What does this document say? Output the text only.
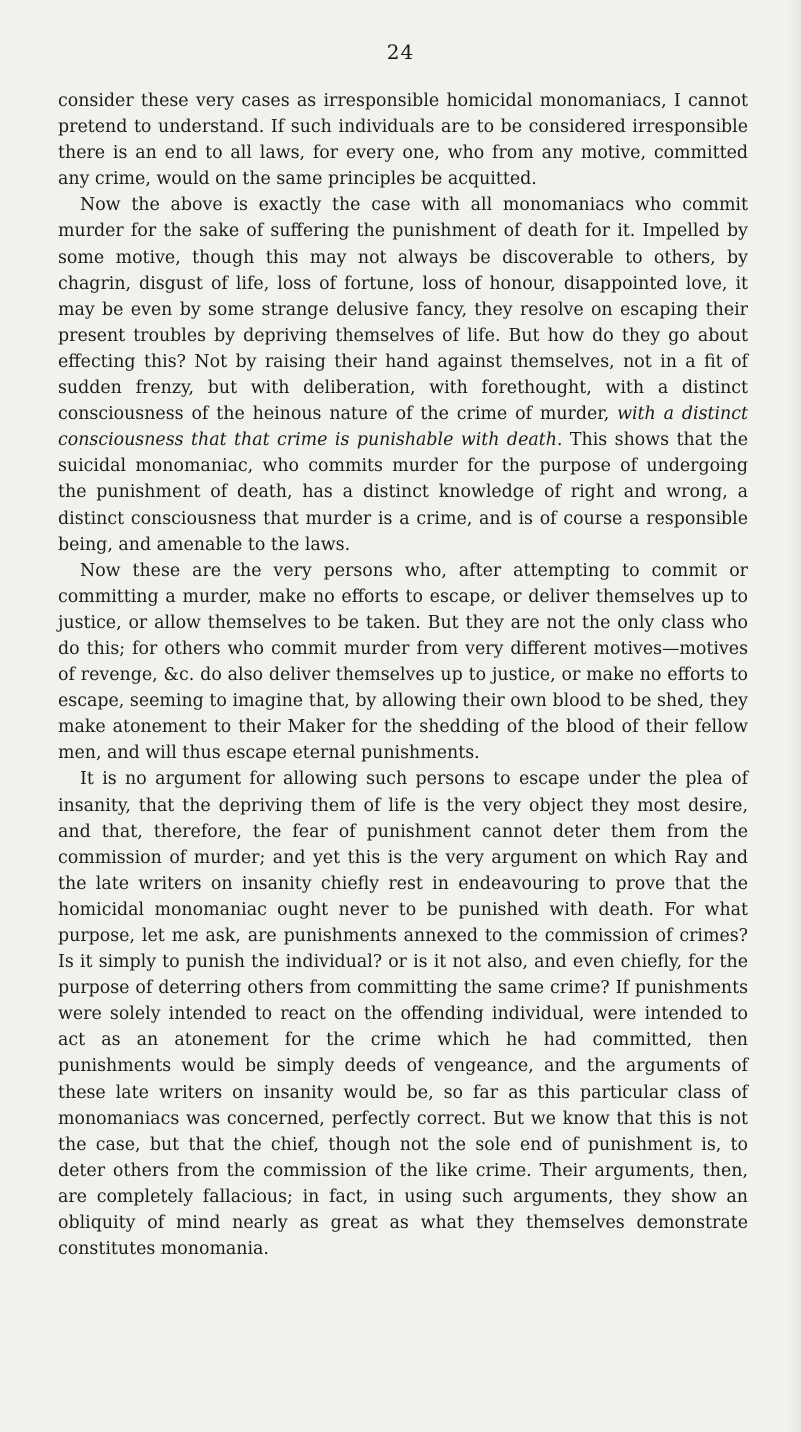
24

consider these very cases as irresponsible homicidal monomaniacs, I cannot pretend to understand. If such individuals are to be considered irresponsible there is an end to all laws, for every one, who from any motive, committed any crime, would on the same principles be acquitted.

Now the above is exactly the case with all monomaniacs who commit murder for the sake of suffering the punishment of death for it. Impelled by some motive, though this may not always be discoverable to others, by chagrin, disgust of life, loss of fortune, loss of honour, disappointed love, it may be even by some strange delusive fancy, they resolve on escaping their present troubles by depriving themselves of life. But how do they go about effecting this? Not by raising their hand against themselves, not in a fit of sudden frenzy, but with deliberation, with forethought, with a distinct consciousness of the heinous nature of the crime of murder, with a distinct consciousness that that crime is punishable with death. This shows that the suicidal monomaniac, who commits murder for the purpose of undergoing the punishment of death, has a distinct knowledge of right and wrong, a distinct consciousness that murder is a crime, and is of course a responsible being, and amenable to the laws.

Now these are the very persons who, after attempting to commit or committing a murder, make no efforts to escape, or deliver themselves up to justice, or allow themselves to be taken. But they are not the only class who do this; for others who commit murder from very different motives—motives of revenge, &c. do also deliver themselves up to justice, or make no efforts to escape, seeming to imagine that, by allowing their own blood to be shed, they make atonement to their Maker for the shedding of the blood of their fellow men, and will thus escape eternal punishments.

It is no argument for allowing such persons to escape under the plea of insanity, that the depriving them of life is the very object they most desire, and that, therefore, the fear of punishment cannot deter them from the commission of murder; and yet this is the very argument on which Ray and the late writers on insanity chiefly rest in endeavouring to prove that the homicidal monomaniac ought never to be punished with death. For what purpose, let me ask, are punishments annexed to the commission of crimes? Is it simply to punish the individual? or is it not also, and even chiefly, for the purpose of deterring others from committing the same crime? If punishments were solely intended to react on the offending individual, were intended to act as an atonement for the crime which he had committed, then punishments would be simply deeds of vengeance, and the arguments of these late writers on insanity would be, so far as this particular class of monomaniacs was concerned, perfectly correct. But we know that this is not the case, but that the chief, though not the sole end of punishment is, to deter others from the commission of the like crime. Their arguments, then, are completely fallacious; in fact, in using such arguments, they show an obliquity of mind nearly as great as what they themselves demonstrate constitutes monomania.
